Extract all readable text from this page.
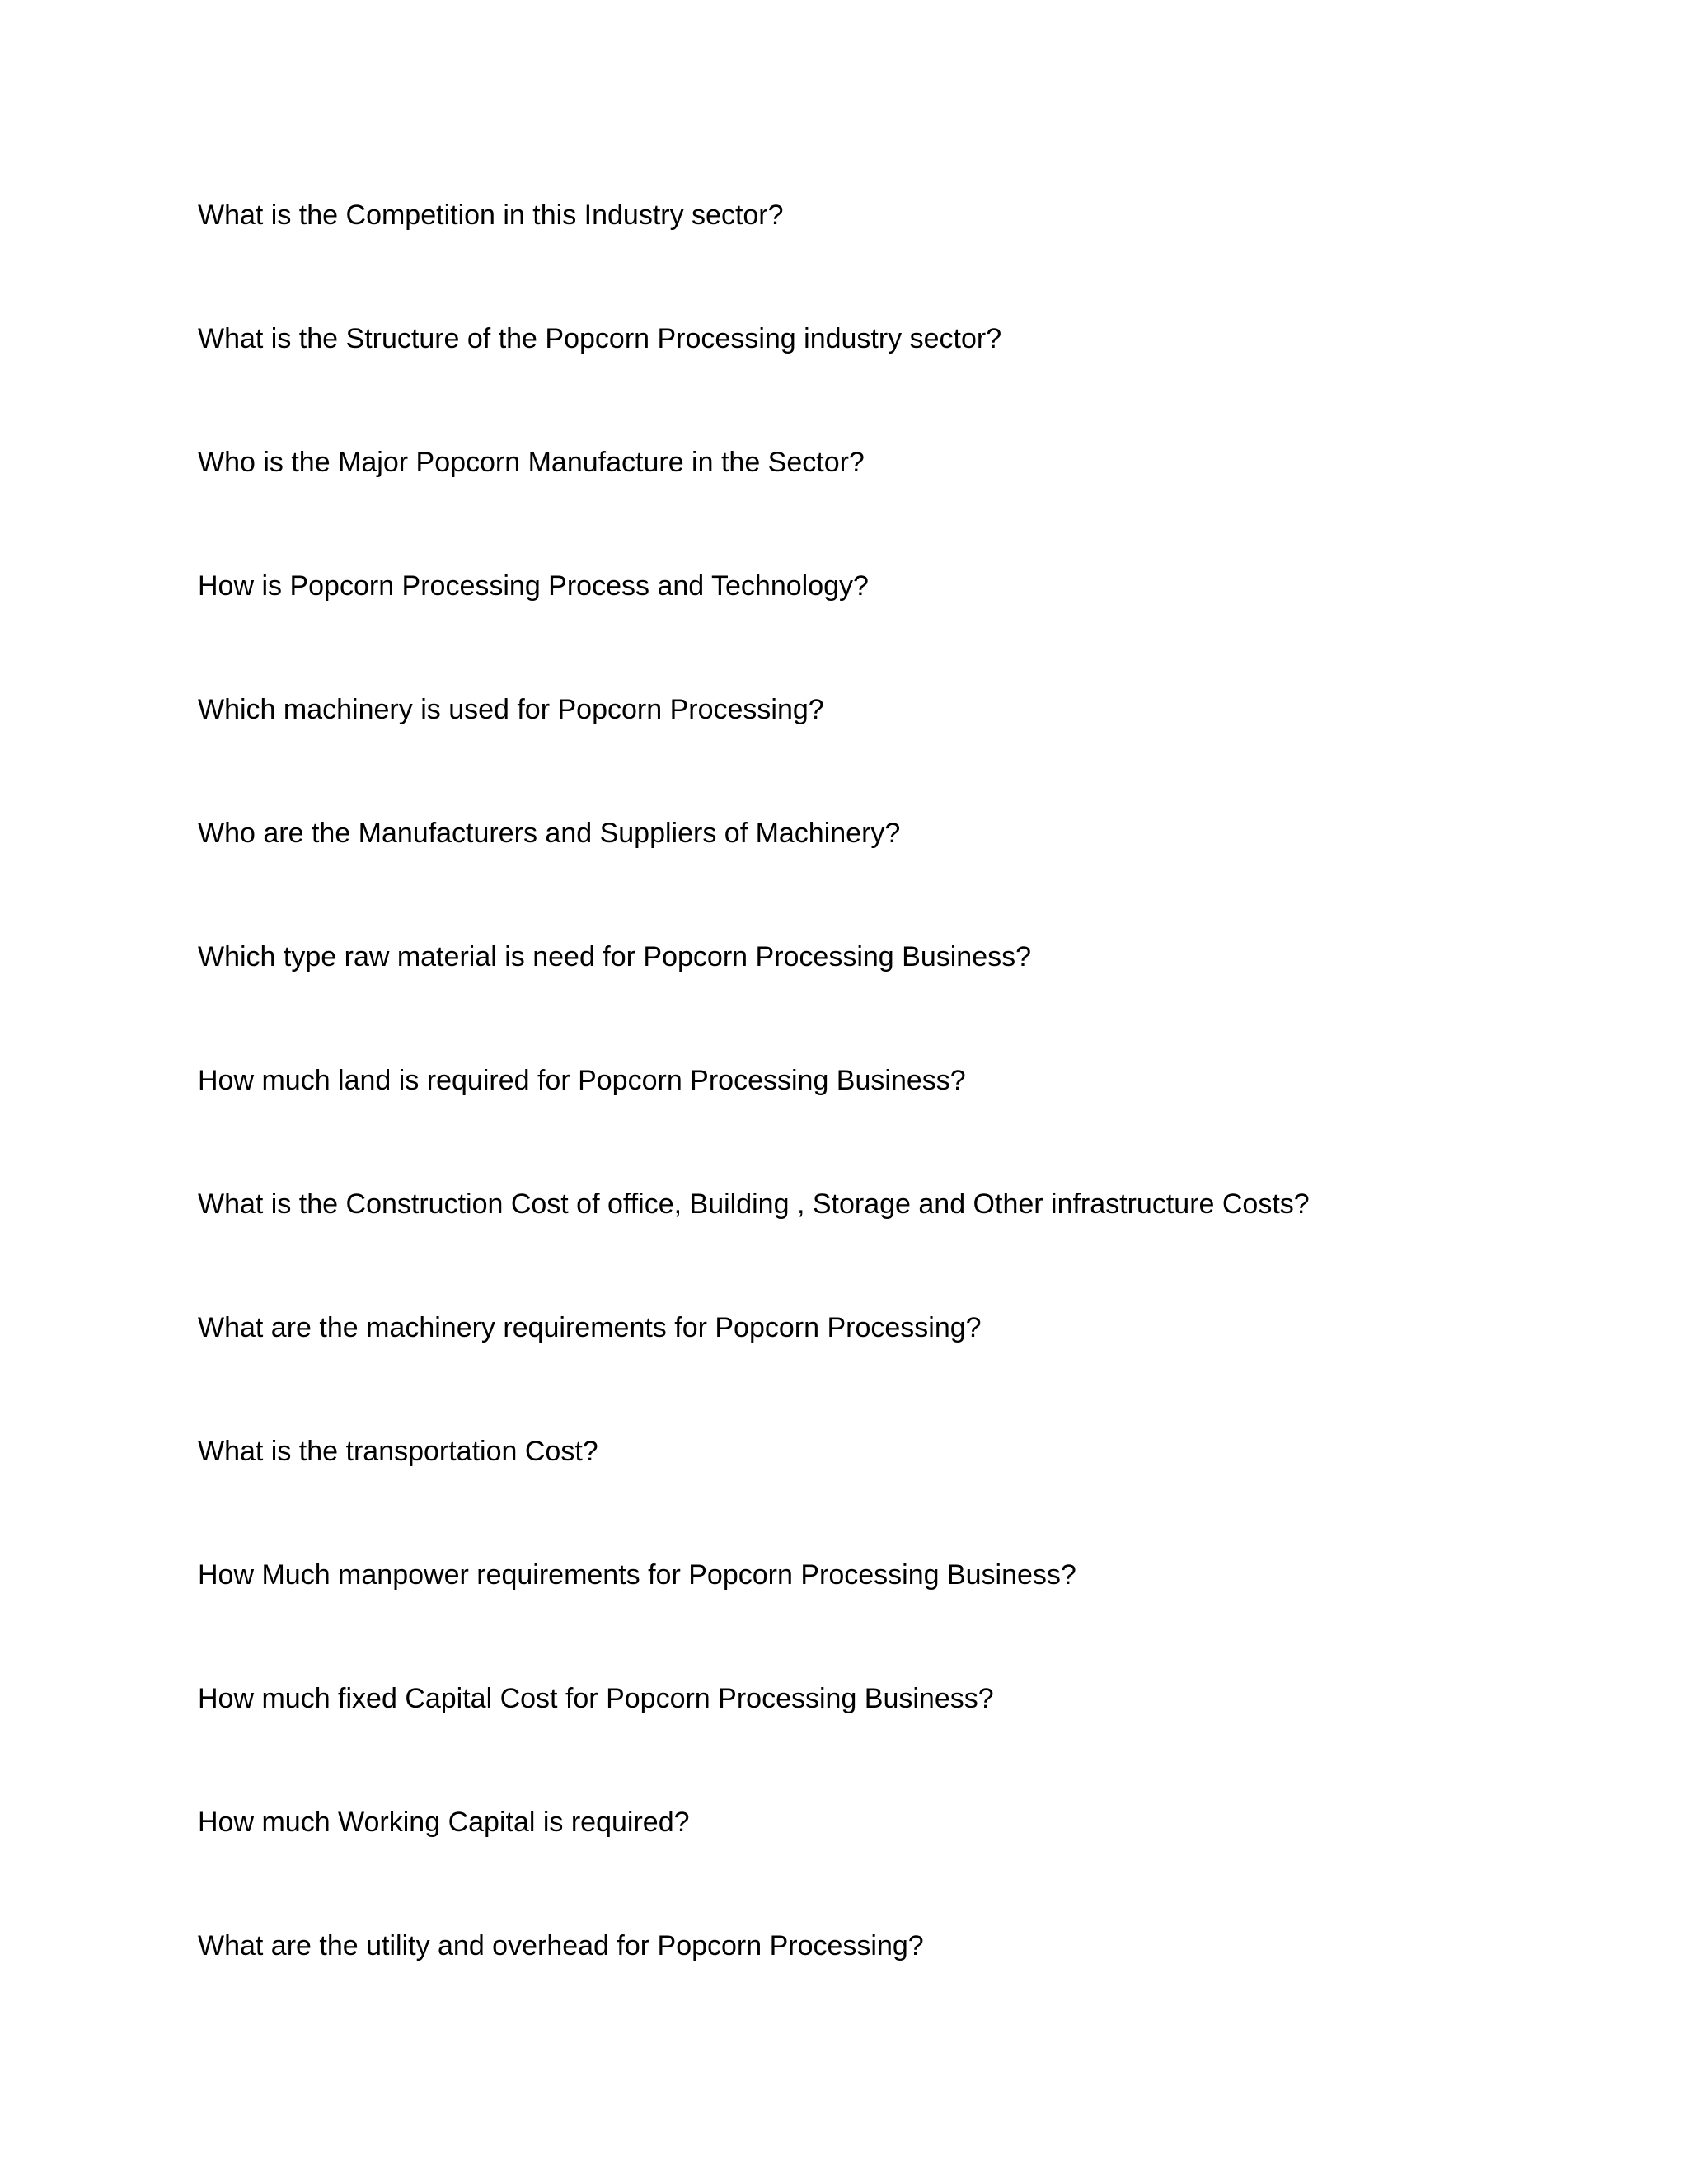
What is the Competition in this Industry sector?
What is the Structure of the Popcorn Processing industry sector?
Who is the Major Popcorn Manufacture in the Sector?
How is Popcorn Processing Process and Technology?
Which machinery is used for Popcorn Processing?
Who are the Manufacturers and Suppliers of Machinery?
Which type raw material is need for Popcorn Processing Business?
How much land is required for Popcorn Processing Business?
What is the Construction Cost of office, Building , Storage and Other infrastructure Costs?
What are the machinery requirements for Popcorn Processing?
What is the transportation Cost?
How Much manpower requirements for Popcorn Processing Business?
How much fixed Capital Cost for Popcorn Processing Business?
How much Working Capital is required?
What are the utility and overhead for Popcorn Processing?
